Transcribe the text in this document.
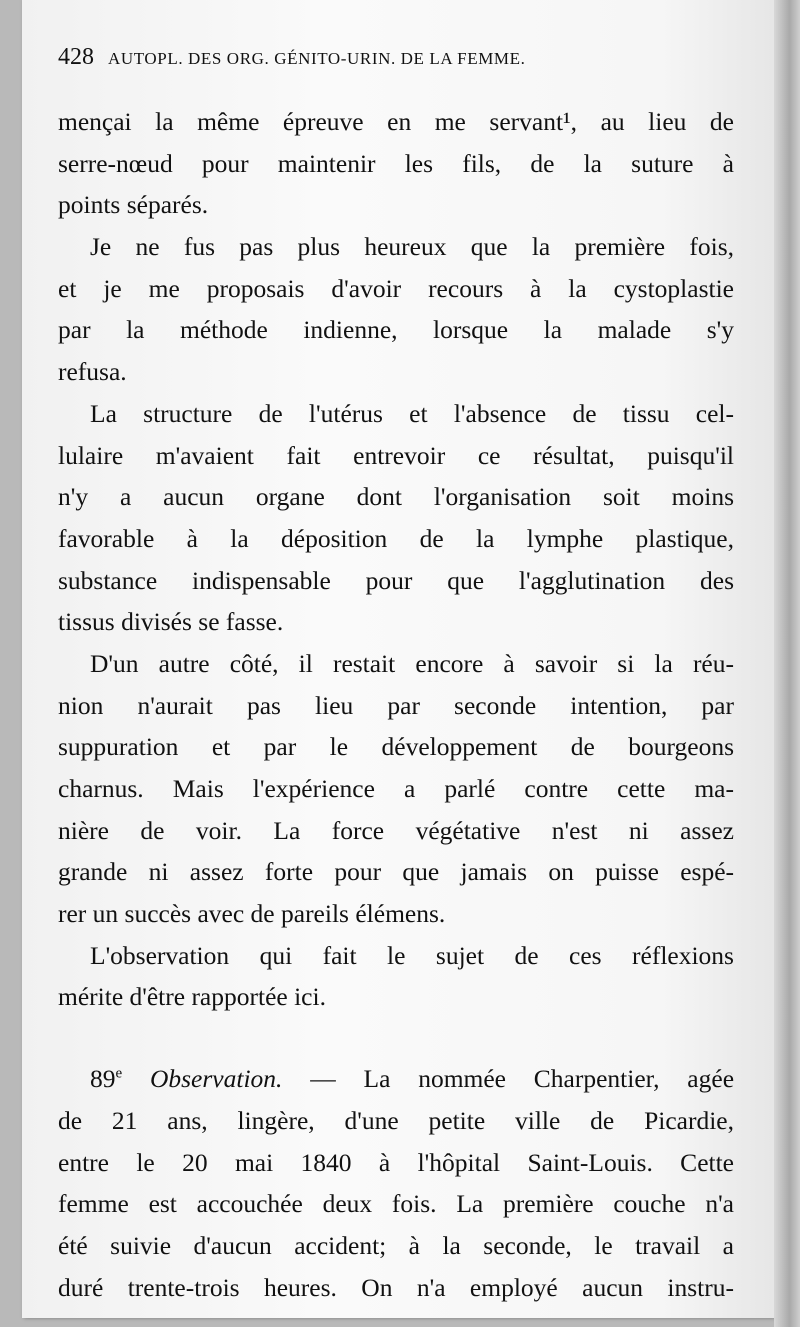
428 AUTOPL. DES ORG. GÉNITO-URIN. DE LA FEMME.
mençai la même épreuve en me servant¹, au lieu de
serre-nœud pour maintenir les fils, de la suture à
points séparés.
Je ne fus pas plus heureux que la première fois,
et je me proposais d'avoir recours à la cystoplastie
par la méthode indienne, lorsque la malade s'y
refusa.
La structure de l'utérus et l'absence de tissu cel-
lulaire m'avaient fait entrevoir ce résultat, puisqu'il
n'y a aucun organe dont l'organisation soit moins
favorable à la déposition de la lymphe plastique,
substance indispensable pour que l'agglutination des
tissus divisés se fasse.
D'un autre côté, il restait encore à savoir si la réu-
nion n'aurait pas lieu par seconde intention, par
suppuration et par le développement de bourgeons
charnus. Mais l'expérience a parlé contre cette ma-
nière de voir. La force végétative n'est ni assez
grande ni assez forte pour que jamais on puisse espé-
rer un succès avec de pareils élémens.
L'observation qui fait le sujet de ces réflexions
mérite d'être rapportée ici.
89e Observation. — La nommée Charpentier, agée
de 21 ans, lingère, d'une petite ville de Picardie,
entre le 20 mai 1840 à l'hôpital Saint-Louis. Cette
femme est accouchée deux fois. La première couche n'a
été suivie d'aucun accident; à la seconde, le travail a
duré trente-trois heures. On n'a employé aucun instru-
